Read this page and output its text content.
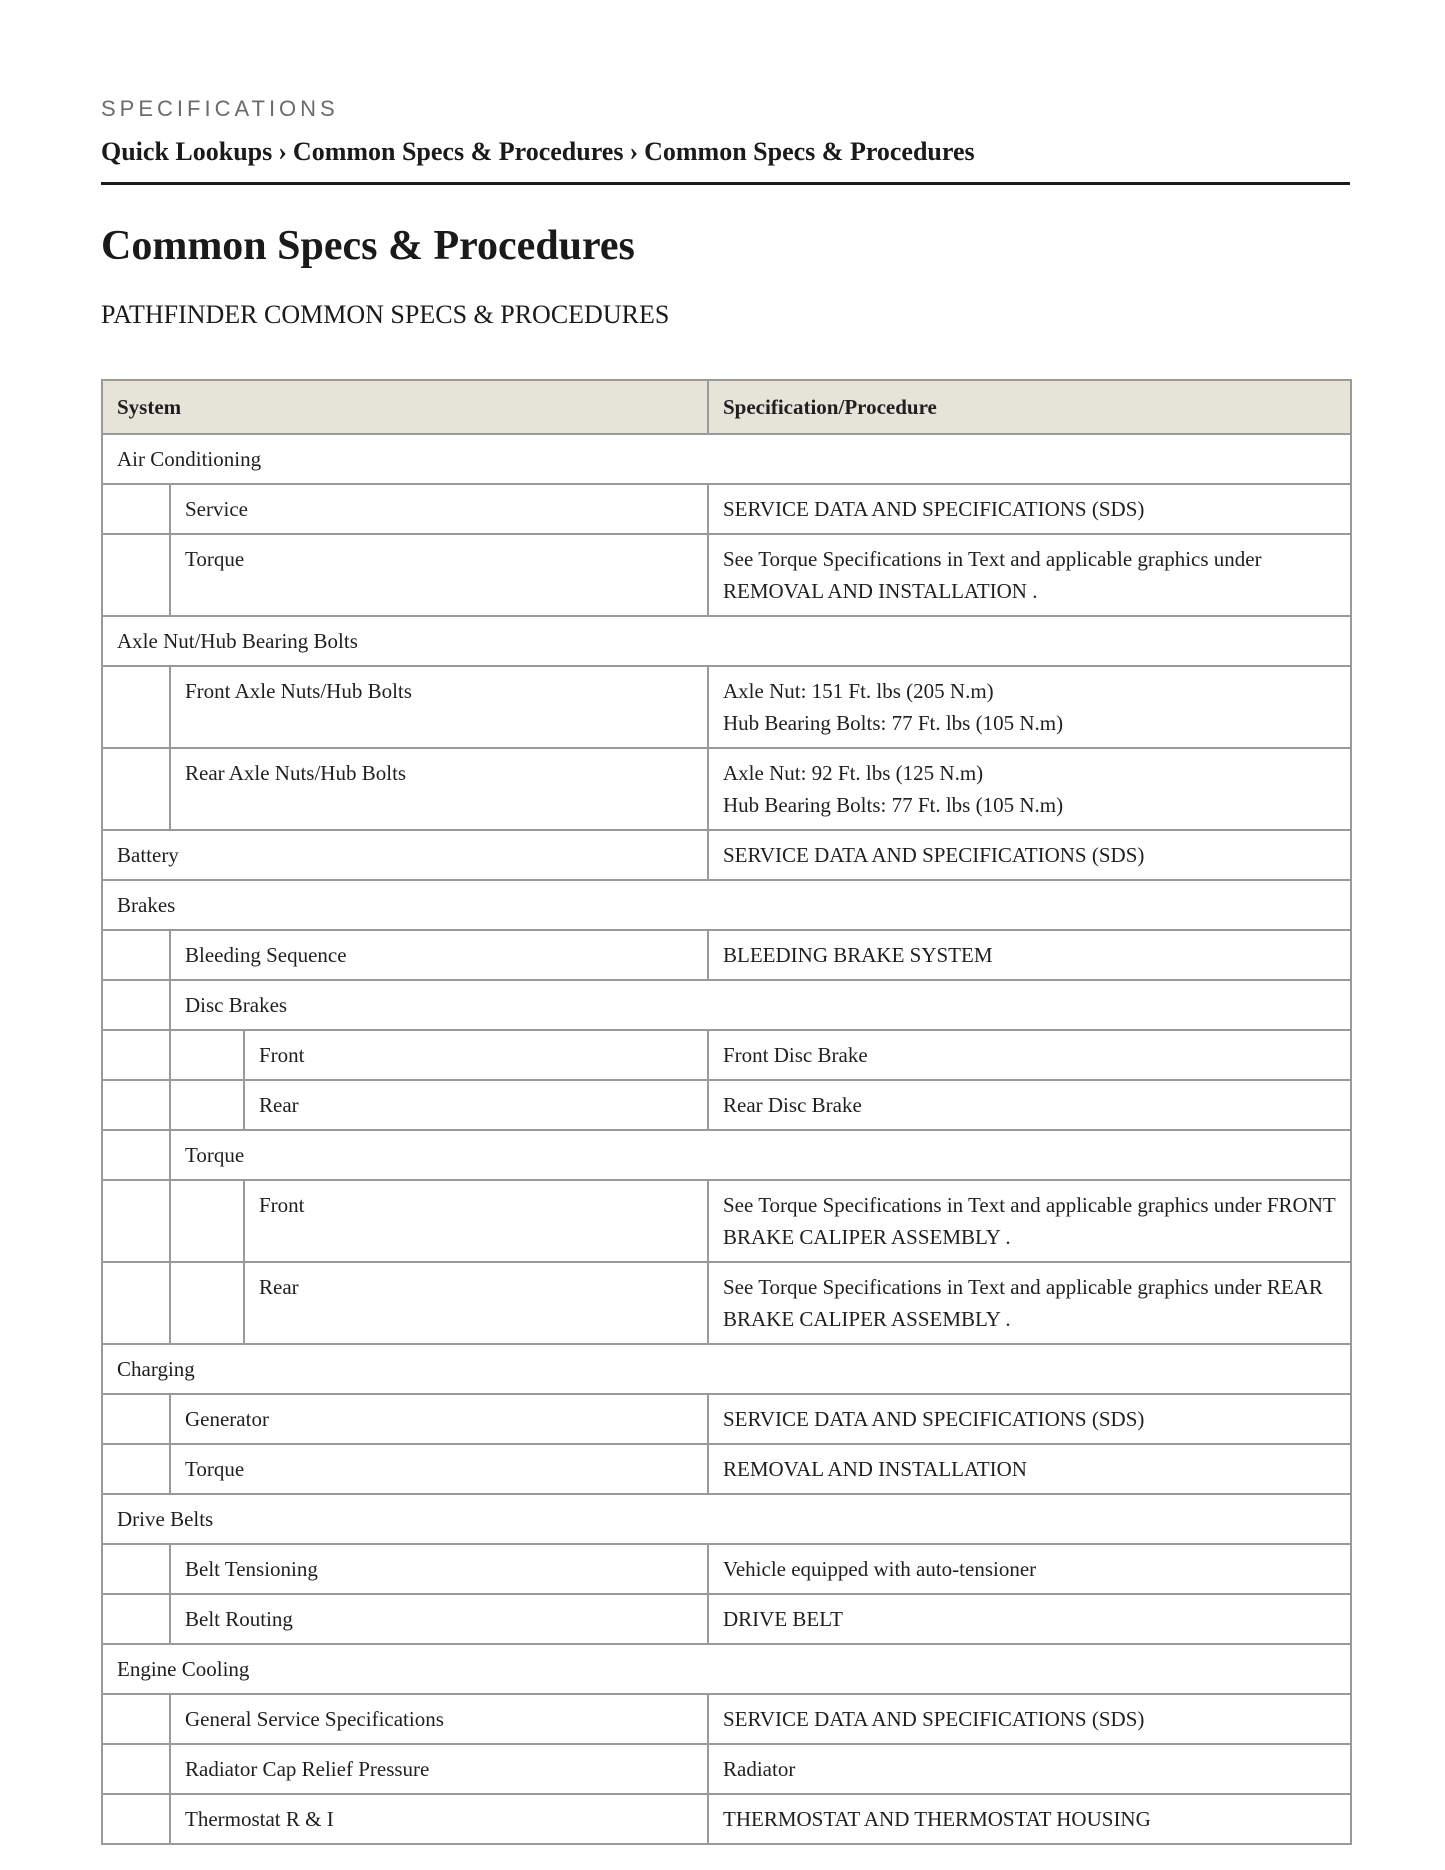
SPECIFICATIONS
Quick Lookups › Common Specs & Procedures › Common Specs & Procedures
Common Specs & Procedures
PATHFINDER COMMON SPECS & PROCEDURES
System			Specification/Procedure
Air Conditioning			
	Service		SERVICE DATA AND SPECIFICATIONS (SDS)
	Torque		See Torque Specifications in Text and applicable graphics under REMOVAL AND INSTALLATION .
Axle Nut/Hub Bearing Bolts			
	Front Axle Nuts/Hub Bolts		Axle Nut: 151 Ft. lbs (205 N.m)
Hub Bearing Bolts: 77 Ft. lbs (105 N.m)

	Rear Axle Nuts/Hub Bolts		Axle Nut: 92 Ft. lbs (125 N.m)
Hub Bearing Bolts: 77 Ft. lbs (105 N.m)

Battery			SERVICE DATA AND SPECIFICATIONS (SDS)
Brakes			
	Bleeding Sequence		BLEEDING BRAKE SYSTEM
	Disc Brakes		
		Front	Front Disc Brake
		Rear	Rear Disc Brake
	Torque		
		Front	See Torque Specifications in Text and applicable graphics under FRONT BRAKE CALIPER ASSEMBLY .
		Rear	See Torque Specifications in Text and applicable graphics under REAR BRAKE CALIPER ASSEMBLY .
Charging			
	Generator		SERVICE DATA AND SPECIFICATIONS (SDS)
	Torque		REMOVAL AND INSTALLATION
Drive Belts			
	Belt Tensioning		Vehicle equipped with auto-tensioner
	Belt Routing		DRIVE BELT
Engine Cooling			
	General Service Specifications		SERVICE DATA AND SPECIFICATIONS (SDS)
	Radiator Cap Relief Pressure		Radiator
	Thermostat R & I		THERMOSTAT AND THERMOSTAT HOUSING
